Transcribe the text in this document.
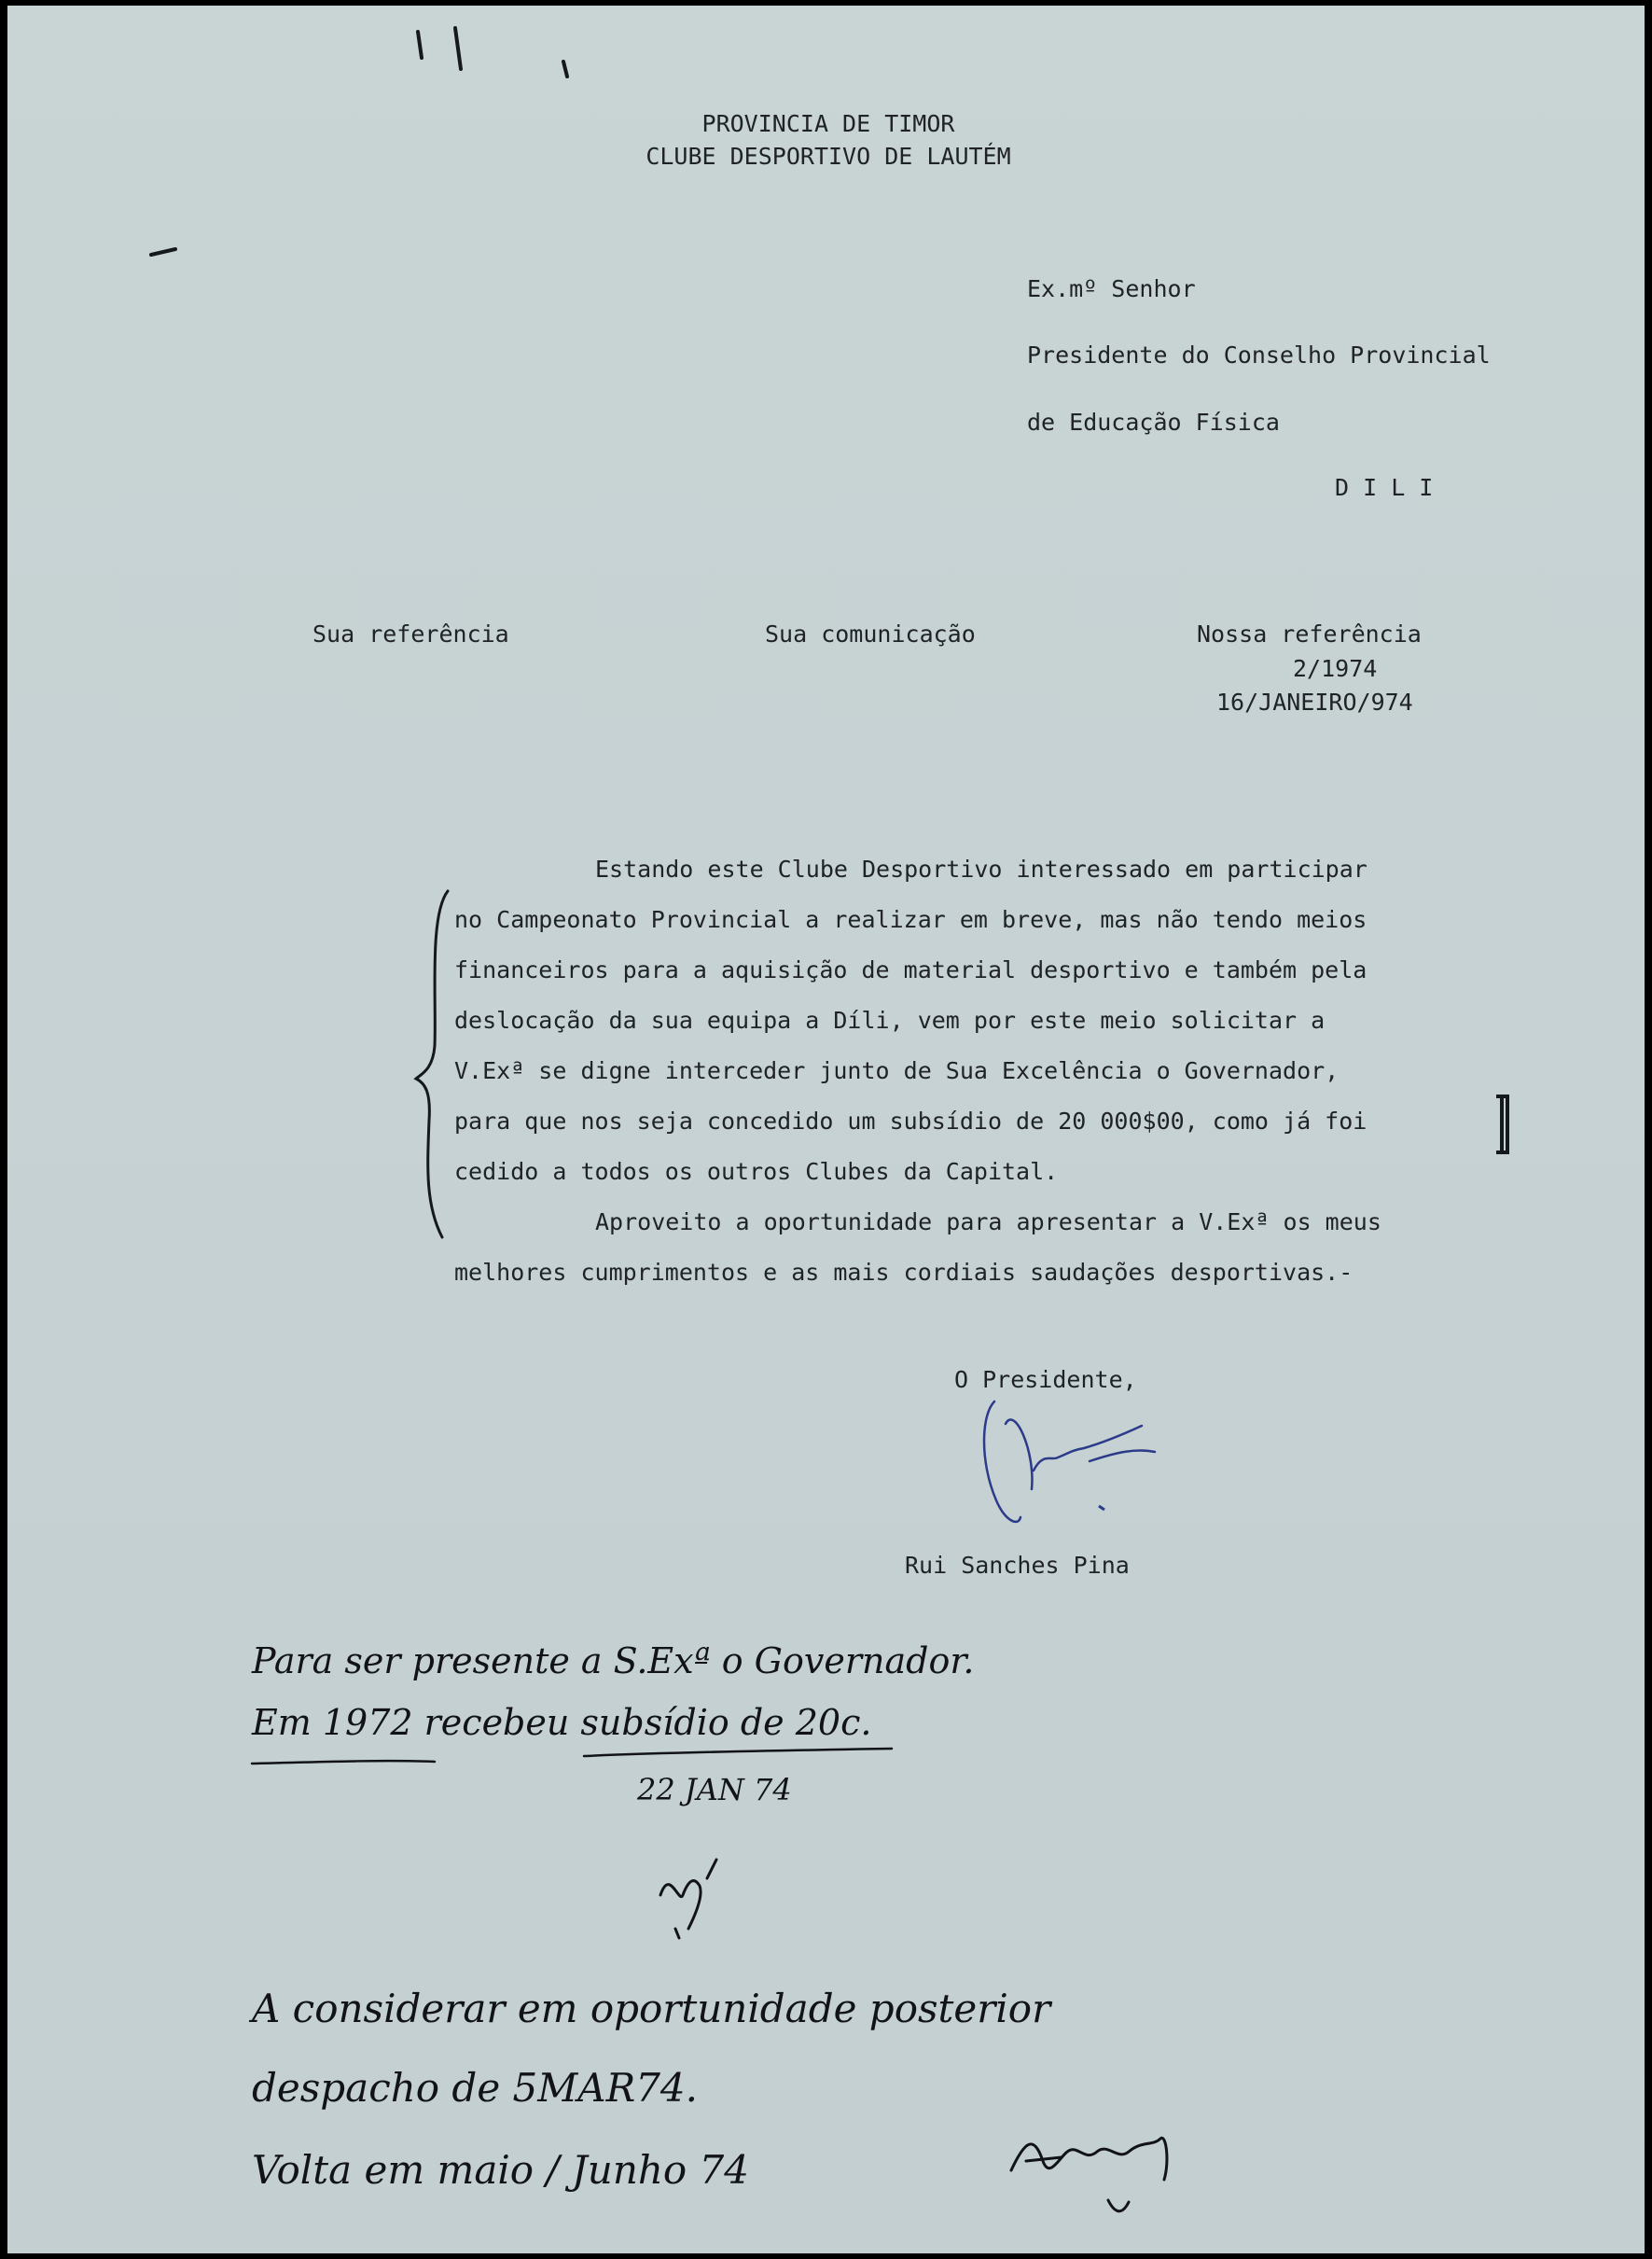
PROVINCIA DE TIMOR
CLUBE DESPORTIVO DE LAUTÉM
Ex.mº Senhor
Presidente do Conselho Provincial
de Educação Física
D I L I
Sua referência	Sua comunicação	Nossa referência
2/1974
16/JANEIRO/974
Estando este Clube Desportivo interessado em participar
no Campeonato Provincial a realizar em breve, mas não tendo meios
financeiros para a aquisição de material desportivo e também pela
deslocação da sua equipa a Díli, vem por este meio solicitar a
V.Exª se digne interceder junto de Sua Excelência o Governador,
para que nos seja concedido um subsídio de 20 000$00, como já foi
cedido a todos os outros Clubes da Capital.
Aproveito a oportunidade para apresentar a V.Exª os meus
melhores cumprimentos e as mais cordiais saudações desportivas.-
O Presidente,
Rui Sanches Pina
Para ser presente a S.Exª o Governador.
Em 1972 recebeu subsídio de 20c.
22 JAN 74
A considerar em oportunidade posterior
despacho de 5MAR74.
Volta em maio / Junho 74
